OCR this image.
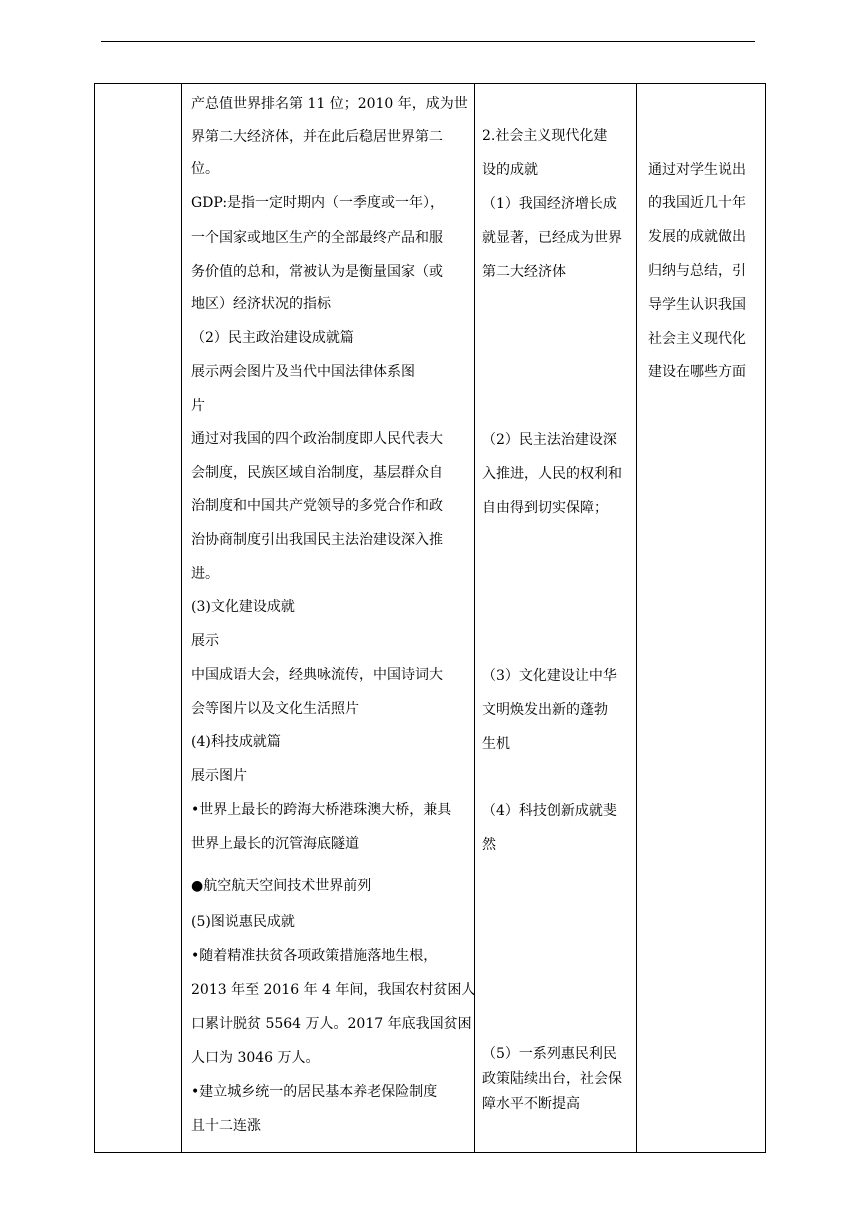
产总值世界排名第 11 位；2010 年，成为世
界第二大经济体，并在此后稳居世界第二
位。
GDP:是指一定时期内（一季度或一年），
一个国家或地区生产的全部最终产品和服
务价值的总和，常被认为是衡量国家（或
地区）经济状况的指标
（2）民主政治建设成就篇
展示两会图片及当代中国法律体系图
片
通过对我国的四个政治制度即人民代表大
会制度，民族区域自治制度，基层群众自
治制度和中国共产党领导的多党合作和政
治协商制度引出我国民主法治建设深入推
进。
(3)文化建设成就
展示
中国成语大会，经典咏流传，中国诗词大
会等图片以及文化生活照片
(4)科技成就篇
展示图片
•世界上最长的跨海大桥港珠澳大桥，兼具
世界上最长的沉管海底隧道
●航空航天空间技术世界前列
(5)图说惠民成就
•随着精准扶贫各项政策措施落地生根，
2013 年至 2016 年 4 年间，我国农村贫困人
口累计脱贫 5564 万人。2017 年底我国贫困
人口为 3046 万人。
•建立城乡统一的居民基本养老保险制度
且十二连涨
2.社会主义现代化建
设的成就
（1）我国经济增长成
就显著，已经成为世界
第二大经济体
（2）民主法治建设深
入推进，人民的权利和
自由得到切实保障；
（3）文化建设让中华
文明焕发出新的蓬勃
生机
（4）科技创新成就斐
然
（5）一系列惠民利民
政策陆续出台，社会保
障水平不断提高
通过对学生说出
的我国近几十年
发展的成就做出
归纳与总结，引
导学生认识我国
社会主义现代化
建设在哪些方面
